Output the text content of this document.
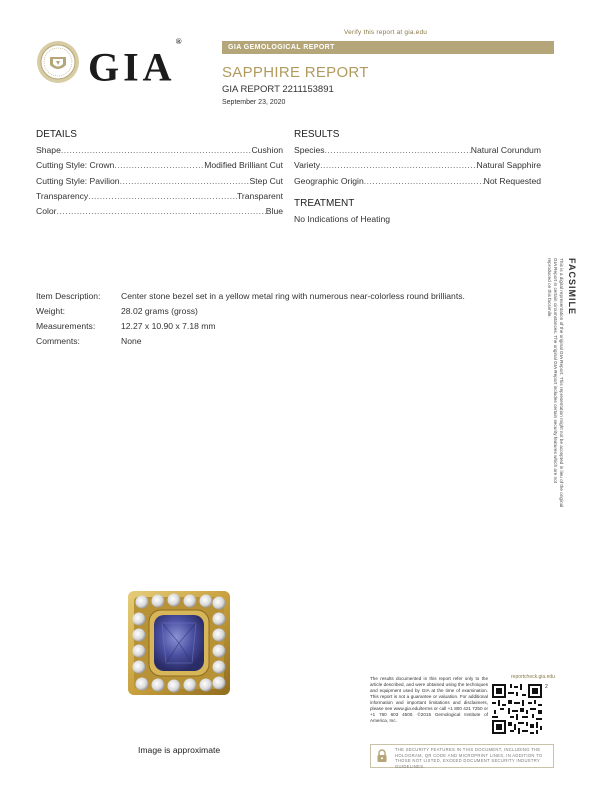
Verify this report at gia.edu
GIA®
GIA GEMOLOGICAL REPORT
SAPPHIRE REPORT
GIA REPORT 2211153891
September 23, 2020
DETAILS
Shape .....	Cushion
Cutting Style: Crown .....	Modified Brilliant Cut
Cutting Style: Pavilion .....	Step Cut
Transparency .....	Transparent
Color .....	Blue
RESULTS
Species .....	Natural Corundum
Variety .....	Natural Sapphire
Geographic Origin .....	Not Requested
TREATMENT
No Indications of Heating
Item Description: Center stone bezel set in a yellow metal ring with numerous near-colorless round brilliants.
Weight:	28.02 grams (gross)
Measurements:	12.27 x 10.90 x 7.18 mm
Comments:	None
FACSIMILE
This is a digital representation of the original GIA Report. This representation might not be accepted in lieu of the original GIA Report in certain circumstances. The original GIA Report includes certain security features which are not reproduced on this facsimile.
Image is approximate
The results documented in this report refer only to the article described, and were obtained using the techniques and equipment used by GIA at the time of examination. This report is not a guarantee or valuation. For additional information and important limitations and disclaimers, please see www.gia.edu/terms or call +1 800 421 7250 or +1 760 603 4500. ©2015 Gemological Institute of America, Inc.
reportcheck.gia.edu
2
THE SECURITY FEATURES IN THIS DOCUMENT, INCLUDING THE HOLOGRAM, QR CODE AND MICROPRINT LINES, IN ADDITION TO THOSE NOT LISTED, EXCEED DOCUMENT SECURITY INDUSTRY GUIDELINES.
